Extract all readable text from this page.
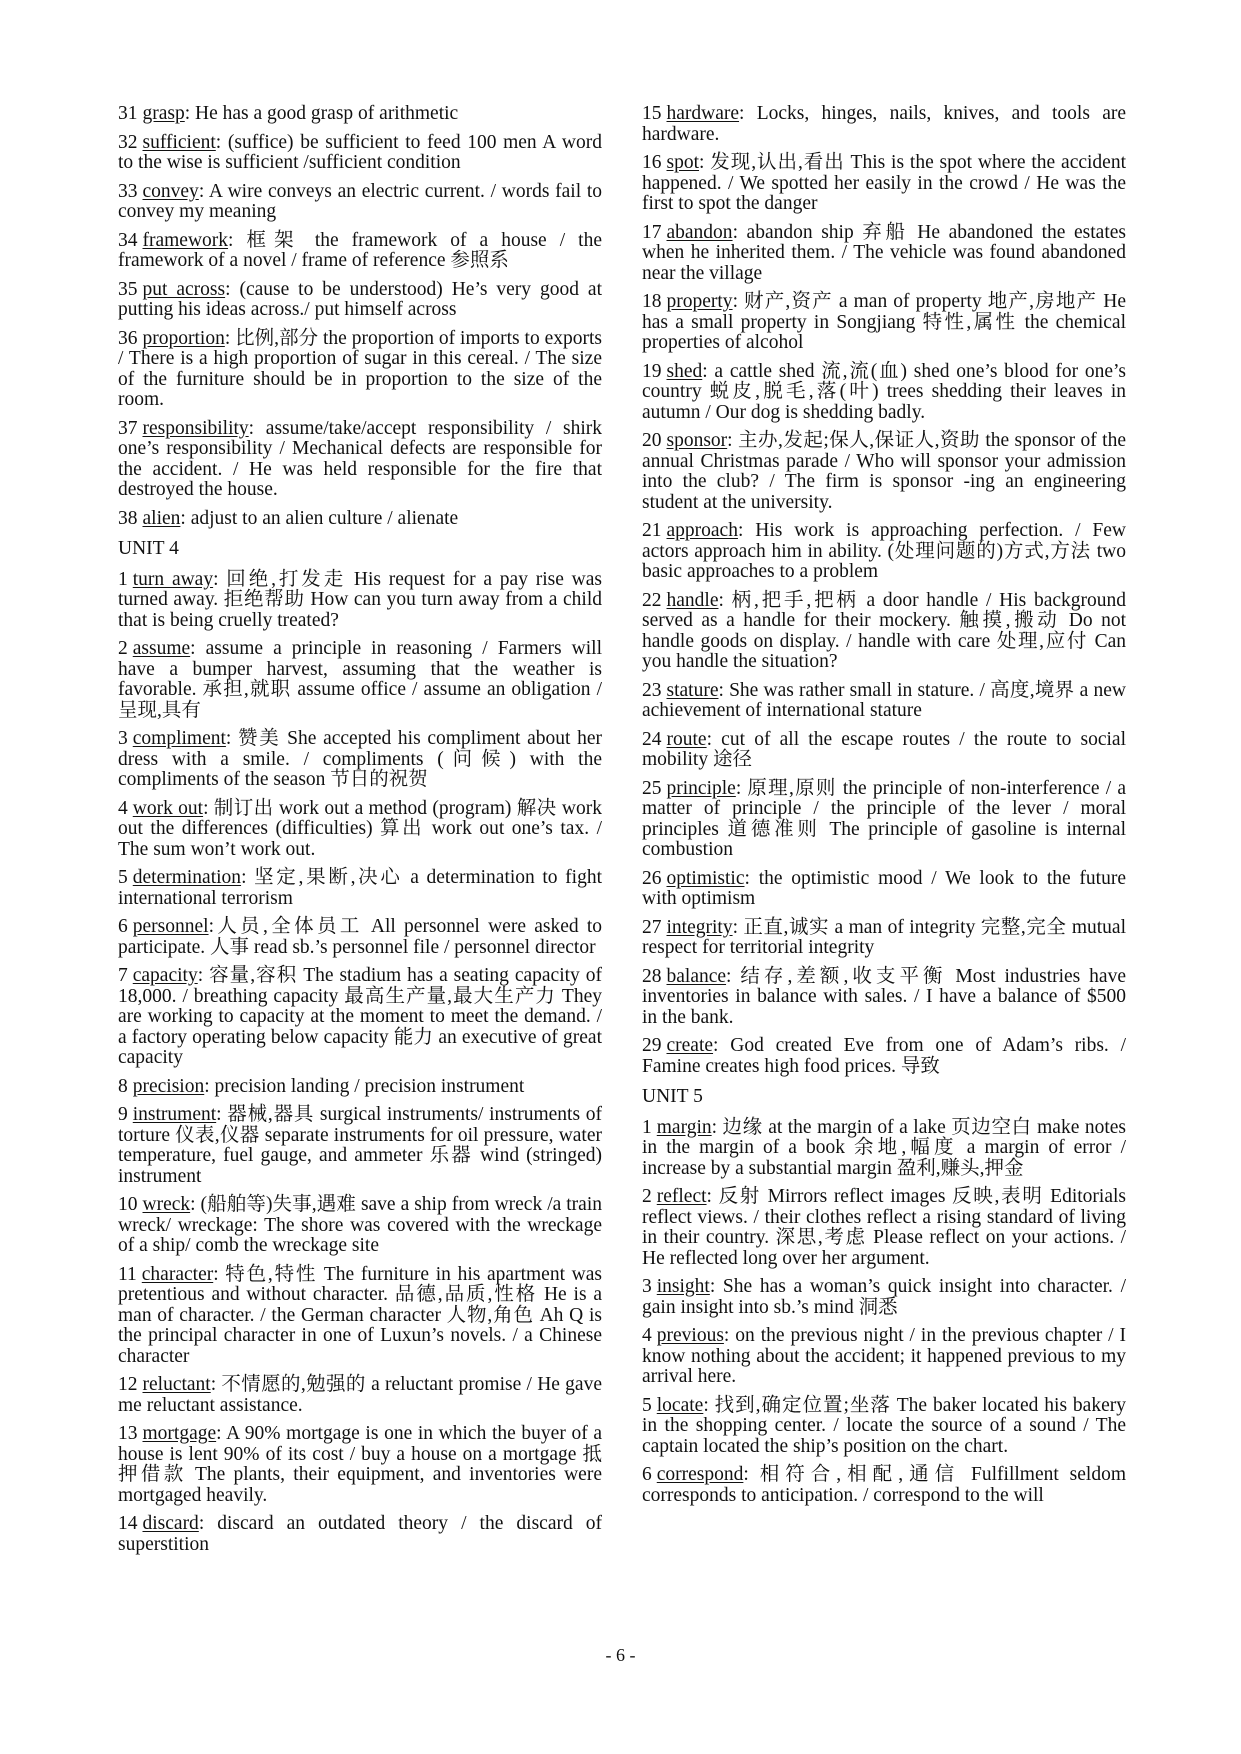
31 grasp: He has a good grasp of arithmetic
32 sufficient: (suffice) be sufficient to feed 100 men A word to the wise is sufficient /sufficient condition
33 convey: A wire conveys an electric current. / words fail to convey my meaning
34 framework: 框架 the framework of a house / the framework of a novel / frame of reference 参照系
35 put across: (cause to be understood) He’s very good at putting his ideas across./ put himself across
36 proportion: 比例,部分 the proportion of imports to exports / There is a high proportion of sugar in this cereal. / The size of the furniture should be in proportion to the size of the room.
37 responsibility: assume/take/accept responsibility / shirk one’s responsibility / Mechanical defects are responsible for the accident. / He was held responsible for the fire that destroyed the house.
38 alien: adjust to an alien culture / alienate
UNIT 4
1 turn away: 回绝,打发走 His request for a pay rise was turned away. 拒绝帮助 How can you turn away from a child that is being cruelly treated?
2 assume: assume a principle in reasoning / Farmers will have a bumper harvest, assuming that the weather is favorable. 承担,就职 assume office / assume an obligation / 呈现,具有
3 compliment: 赞美 She accepted his compliment about her dress with a smile. / compliments (问候) with the compliments of the season 节日的祝贺
4 work out: 制订出 work out a method (program) 解决 work out the differences (difficulties) 算出 work out one’s tax. / The sum won’t work out.
5 determination: 坚定,果断,决心 a determination to fight international terrorism
6 personnel:人员,全体员工 All personnel were asked to participate. 人事 read sb.’s personnel file / personnel director
7 capacity: 容量,容积 The stadium has a seating capacity of 18,000. / breathing capacity 最高生产量,最大生产力 They are working to capacity at the moment to meet the demand. / a factory operating below capacity 能力 an executive of great capacity
8 precision: precision landing / precision instrument
9 instrument: 器械,器具 surgical instruments/ instruments of torture 仪表,仪器 separate instruments for oil pressure, water temperature, fuel gauge, and ammeter 乐器 wind (stringed) instrument
10 wreck: (船舶等)失事,遇难 save a ship from wreck /a train wreck/ wreckage: The shore was covered with the wreckage of a ship/ comb the wreckage site
11 character: 特色,特性 The furniture in his apartment was pretentious and without character. 品德,品质,性格 He is a man of character. / the German character 人物,角色 Ah Q is the principal character in one of Luxun’s novels. / a Chinese character
12 reluctant: 不情愿的,勉强的 a reluctant promise / He gave me reluctant assistance.
13 mortgage: A 90% mortgage is one in which the buyer of a house is lent 90% of its cost / buy a house on a mortgage 抵押借款 The plants, their equipment, and inventories were mortgaged heavily.
14 discard: discard an outdated theory / the discard of superstition
15 hardware: Locks, hinges, nails, knives, and tools are hardware.
16 spot: 发现,认出,看出 This is the spot where the accident happened. / We spotted her easily in the crowd / He was the first to spot the danger
17 abandon: abandon ship 弃船 He abandoned the estates when he inherited them. / The vehicle was found abandoned near the village
18 property: 财产,资产 a man of property 地产,房地产 He has a small property in Songjiang 特性,属性 the chemical properties of alcohol
19 shed: a cattle shed 流,流(血) shed one’s blood for one’s country 蜕皮,脱毛,落(叶) trees shedding their leaves in autumn / Our dog is shedding badly.
20 sponsor: 主办,发起;保人,保证人,资助 the sponsor of the annual Christmas parade / Who will sponsor your admission into the club? / The firm is sponsor -ing an engineering student at the university.
21 approach: His work is approaching perfection. / Few actors approach him in ability. (处理问题的)方式,方法 two basic approaches to a problem
22 handle: 柄,把手,把柄 a door handle / His background served as a handle for their mockery. 触摸,搬动 Do not handle goods on display. / handle with care 处理,应付 Can you handle the situation?
23 stature: She was rather small in stature. / 高度,境界 a new achievement of international stature
24 route: cut of all the escape routes / the route to social mobility 途径
25 principle: 原理,原则 the principle of non-interference / a matter of principle / the principle of the lever / moral principles 道德准则 The principle of gasoline is internal combustion
26 optimistic: the optimistic mood / We look to the future with optimism
27 integrity: 正直,诚实 a man of integrity 完整,完全 mutual respect for territorial integrity
28 balance: 结存,差额,收支平衡 Most industries have inventories in balance with sales. / I have a balance of $500 in the bank.
29 create: God created Eve from one of Adam’s ribs. / Famine creates high food prices. 导致
UNIT 5
1 margin: 边缘 at the margin of a lake 页边空白 make notes in the margin of a book 余地,幅度 a margin of error / increase by a substantial margin 盈利,赚头,押金
2 reflect: 反射 Mirrors reflect images 反映,表明 Editorials reflect views. / their clothes reflect a rising standard of living in their country. 深思,考虑 Please reflect on your actions. / He reflected long over her argument.
3 insight: She has a woman’s quick insight into character. / gain insight into sb.’s mind 洞悉
4 previous: on the previous night / in the previous chapter / I know nothing about the accident; it happened previous to my arrival here.
5 locate: 找到,确定位置;坐落 The baker located his bakery in the shopping center. / locate the source of a sound / The captain located the ship’s position on the chart.
6 correspond: 相符合,相配,通信 Fulfillment seldom corresponds to anticipation. / correspond to the will
- 6 -
